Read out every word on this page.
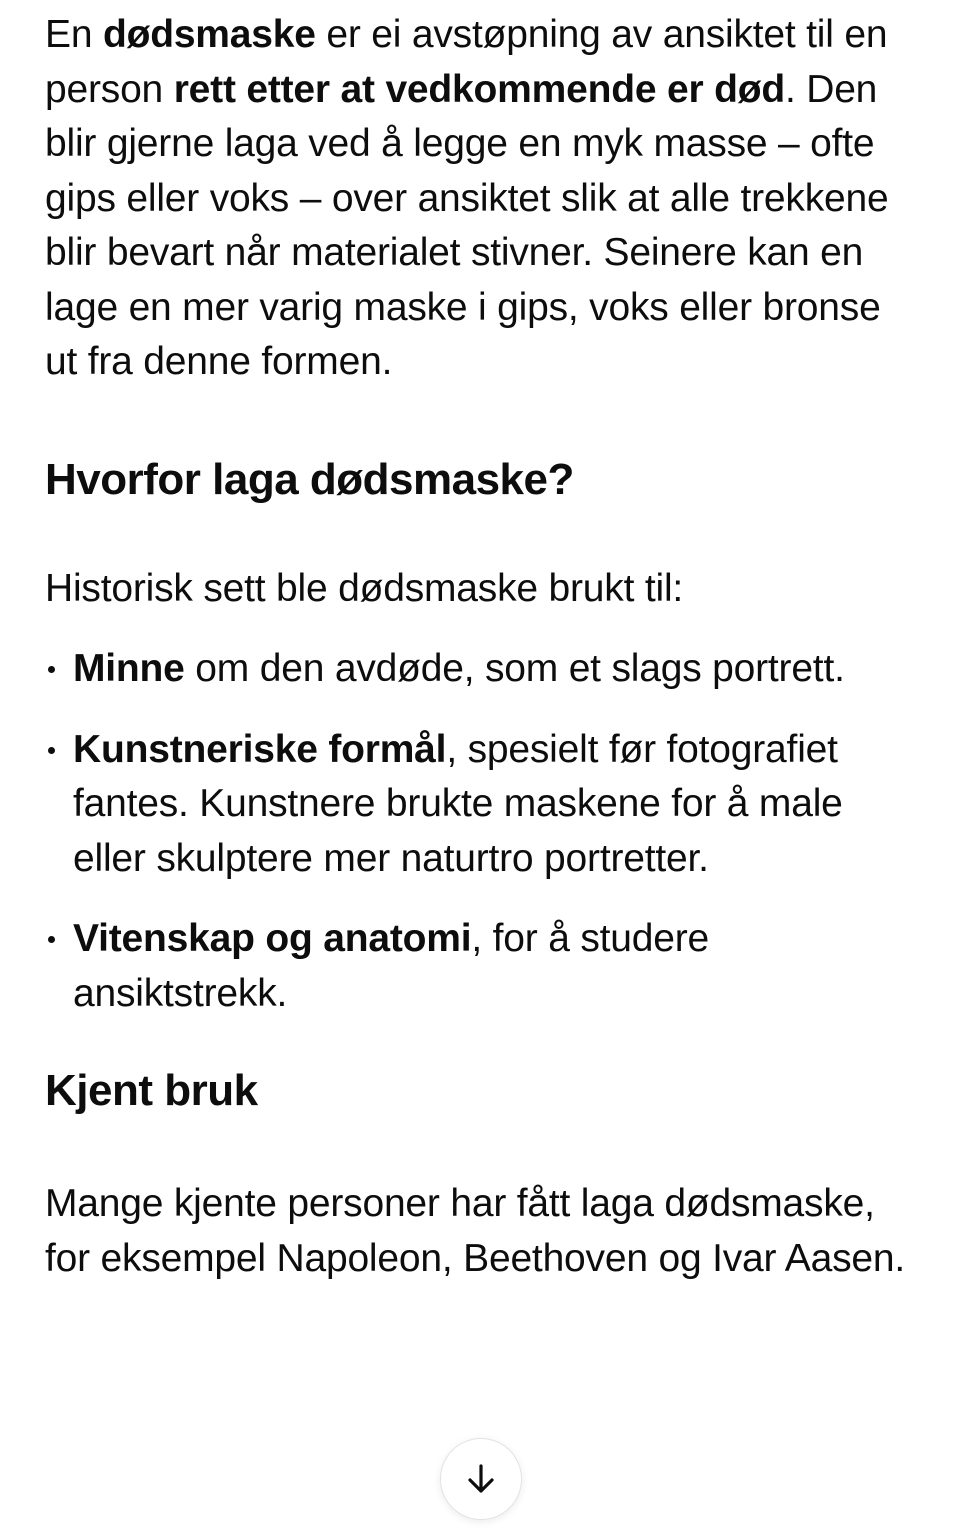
En dødsmaske er ei avstøpning av ansiktet til en person rett etter at vedkommende er død. Den blir gjerne laga ved å legge en myk masse – ofte gips eller voks – over ansiktet slik at alle trekkene blir bevart når materialet stivner. Seinere kan en lage en mer varig maske i gips, voks eller bronse ut fra denne formen.

Hvorfor laga dødsmaske?

Historisk sett ble dødsmaske brukt til:

Minne om den avdøde, som et slags portrett.
Kunstneriske formål, spesielt før fotografiet fantes. Kunstnere brukte maskene for å male eller skulptere mer naturtro portretter.
Vitenskap og anatomi, for å studere ansiktstrekk.
Kjent bruk

Mange kjente personer har fått laga dødsmaske, for eksempel Napoleon, Beethoven og Ivar Aasen.
